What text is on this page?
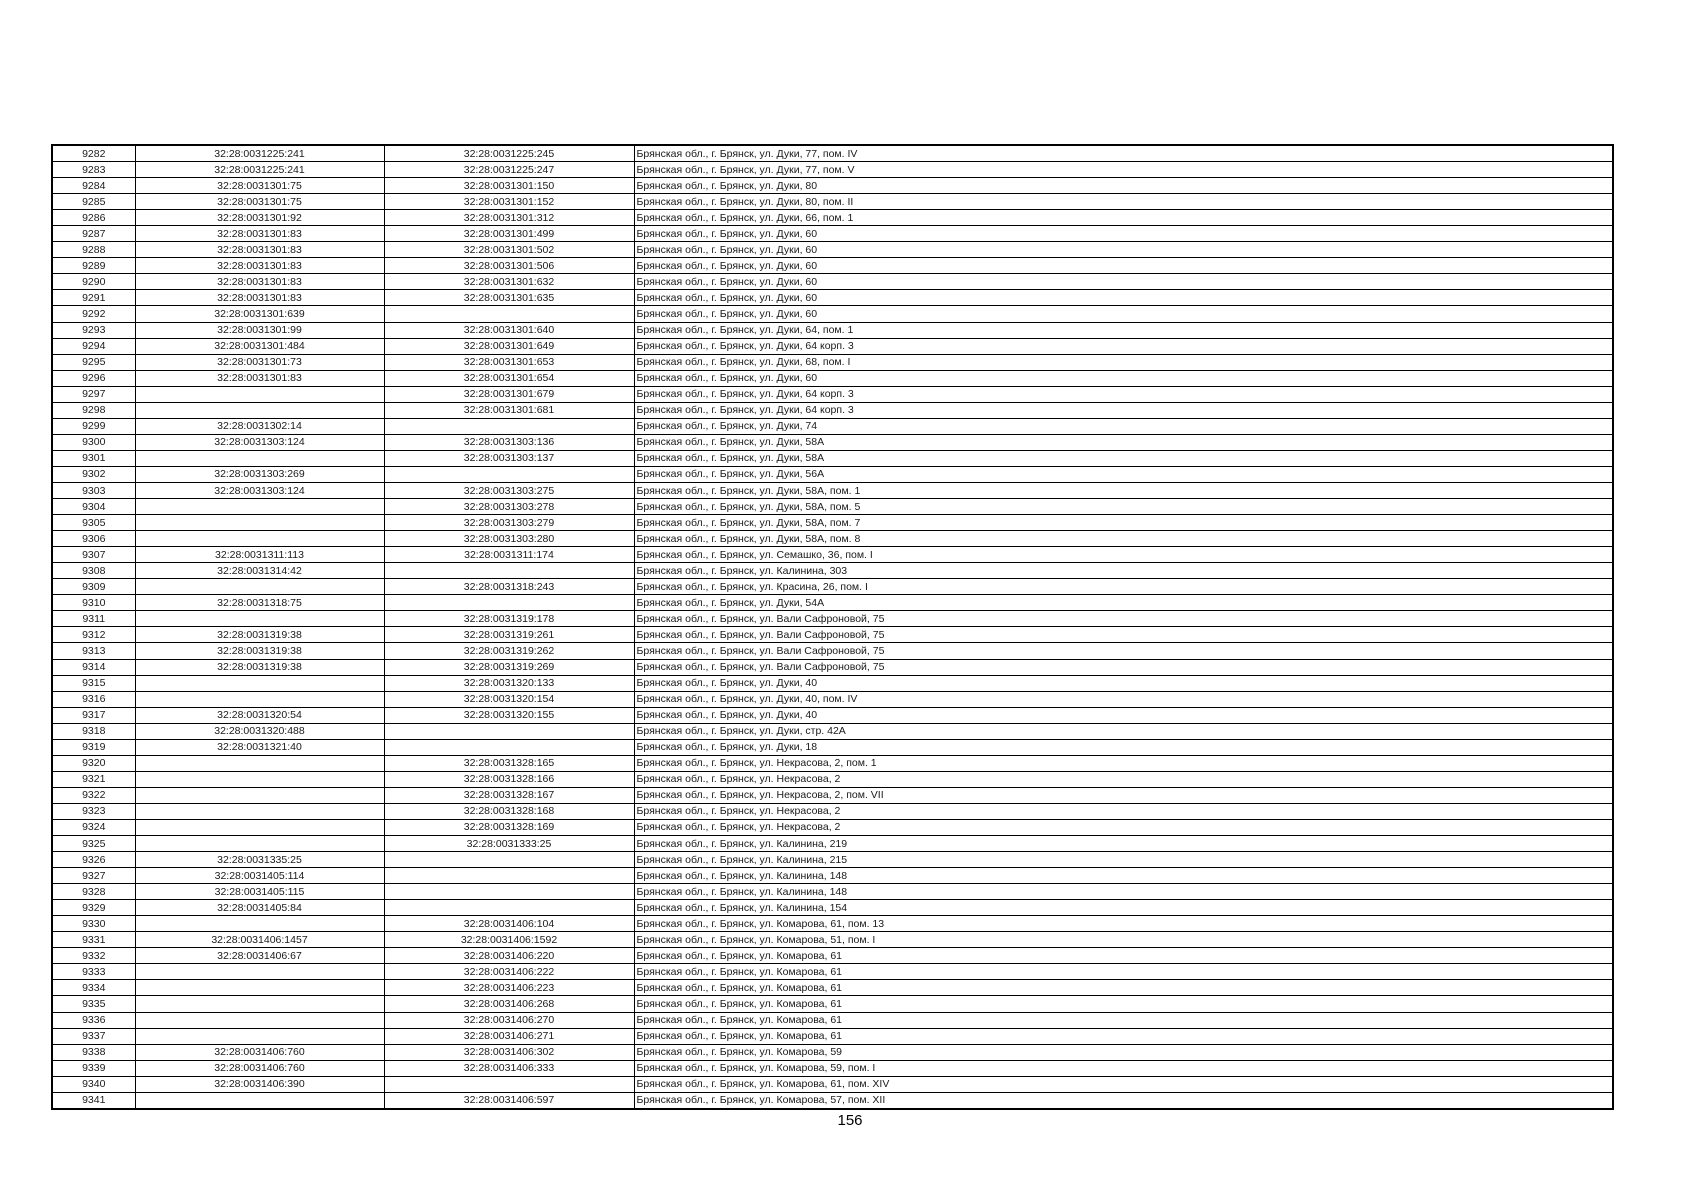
9282	32:28:0031225:241	32:28:0031225:245	Брянская обл., г. Брянск, ул. Дуки, 77, пом. IV
9283	32:28:0031225:241	32:28:0031225:247	Брянская обл., г. Брянск, ул. Дуки, 77, пом. V
9284	32:28:0031301:75	32:28:0031301:150	Брянская обл., г. Брянск, ул. Дуки, 80
9285	32:28:0031301:75	32:28:0031301:152	Брянская обл., г. Брянск, ул. Дуки, 80, пом. II
9286	32:28:0031301:92	32:28:0031301:312	Брянская обл., г. Брянск, ул. Дуки, 66, пом. 1
9287	32:28:0031301:83	32:28:0031301:499	Брянская обл., г. Брянск, ул. Дуки, 60
9288	32:28:0031301:83	32:28:0031301:502	Брянская обл., г. Брянск, ул. Дуки, 60
9289	32:28:0031301:83	32:28:0031301:506	Брянская обл., г. Брянск, ул. Дуки, 60
9290	32:28:0031301:83	32:28:0031301:632	Брянская обл., г. Брянск, ул. Дуки, 60
9291	32:28:0031301:83	32:28:0031301:635	Брянская обл., г. Брянск, ул. Дуки, 60
9292	32:28:0031301:639		Брянская обл., г. Брянск, ул. Дуки, 60
9293	32:28:0031301:99	32:28:0031301:640	Брянская обл., г. Брянск, ул. Дуки, 64, пом. 1
9294	32:28:0031301:484	32:28:0031301:649	Брянская обл., г. Брянск, ул. Дуки, 64 корп. 3
9295	32:28:0031301:73	32:28:0031301:653	Брянская обл., г. Брянск, ул. Дуки, 68, пом. I
9296	32:28:0031301:83	32:28:0031301:654	Брянская обл., г. Брянск, ул. Дуки, 60
9297		32:28:0031301:679	Брянская обл., г. Брянск, ул. Дуки, 64 корп. 3
9298		32:28:0031301:681	Брянская обл., г. Брянск, ул. Дуки, 64 корп. 3
9299	32:28:0031302:14		Брянская обл., г. Брянск, ул. Дуки, 74
9300	32:28:0031303:124	32:28:0031303:136	Брянская обл., г. Брянск, ул. Дуки, 58А
9301		32:28:0031303:137	Брянская обл., г. Брянск, ул. Дуки, 58А
9302	32:28:0031303:269		Брянская обл., г. Брянск, ул. Дуки, 56А
9303	32:28:0031303:124	32:28:0031303:275	Брянская обл., г. Брянск, ул. Дуки, 58А, пом. 1
9304		32:28:0031303:278	Брянская обл., г. Брянск, ул. Дуки, 58А, пом. 5
9305		32:28:0031303:279	Брянская обл., г. Брянск, ул. Дуки, 58А, пом. 7
9306		32:28:0031303:280	Брянская обл., г. Брянск, ул. Дуки, 58А, пом. 8
9307	32:28:0031311:113	32:28:0031311:174	Брянская обл., г. Брянск, ул. Семашко, 36, пом. I
9308	32:28:0031314:42		Брянская обл., г. Брянск, ул. Калинина, 303
9309		32:28:0031318:243	Брянская обл., г. Брянск, ул. Красина, 26, пом. I
9310	32:28:0031318:75		Брянская обл., г. Брянск, ул. Дуки, 54А
9311		32:28:0031319:178	Брянская обл., г. Брянск, ул. Вали Сафроновой, 75
9312	32:28:0031319:38	32:28:0031319:261	Брянская обл., г. Брянск, ул. Вали Сафроновой, 75
9313	32:28:0031319:38	32:28:0031319:262	Брянская обл., г. Брянск, ул. Вали Сафроновой, 75
9314	32:28:0031319:38	32:28:0031319:269	Брянская обл., г. Брянск, ул. Вали Сафроновой, 75
9315		32:28:0031320:133	Брянская обл., г. Брянск, ул. Дуки, 40
9316		32:28:0031320:154	Брянская обл., г. Брянск, ул. Дуки, 40, пом. IV
9317	32:28:0031320:54	32:28:0031320:155	Брянская обл., г. Брянск, ул. Дуки, 40
9318	32:28:0031320:488		Брянская обл., г. Брянск, ул. Дуки, стр. 42А
9319	32:28:0031321:40		Брянская обл., г. Брянск, ул. Дуки, 18
9320		32:28:0031328:165	Брянская обл., г. Брянск, ул. Некрасова, 2, пом. 1
9321		32:28:0031328:166	Брянская обл., г. Брянск, ул. Некрасова, 2
9322		32:28:0031328:167	Брянская обл., г. Брянск, ул. Некрасова, 2, пом. VII
9323		32:28:0031328:168	Брянская обл., г. Брянск, ул. Некрасова, 2
9324		32:28:0031328:169	Брянская обл., г. Брянск, ул. Некрасова, 2
9325		32:28:0031333:25	Брянская обл., г. Брянск, ул. Калинина, 219
9326	32:28:0031335:25		Брянская обл., г. Брянск, ул. Калинина, 215
9327	32:28:0031405:114		Брянская обл., г. Брянск, ул. Калинина, 148
9328	32:28:0031405:115		Брянская обл., г. Брянск, ул. Калинина, 148
9329	32:28:0031405:84		Брянская обл., г. Брянск, ул. Калинина, 154
9330		32:28:0031406:104	Брянская обл., г. Брянск, ул. Комарова, 61, пом. 13
9331	32:28:0031406:1457	32:28:0031406:1592	Брянская обл., г. Брянск, ул. Комарова, 51, пом. I
9332	32:28:0031406:67	32:28:0031406:220	Брянская обл., г. Брянск, ул. Комарова, 61
9333		32:28:0031406:222	Брянская обл., г. Брянск, ул. Комарова, 61
9334		32:28:0031406:223	Брянская обл., г. Брянск, ул. Комарова, 61
9335		32:28:0031406:268	Брянская обл., г. Брянск, ул. Комарова, 61
9336		32:28:0031406:270	Брянская обл., г. Брянск, ул. Комарова, 61
9337		32:28:0031406:271	Брянская обл., г. Брянск, ул. Комарова, 61
9338	32:28:0031406:760	32:28:0031406:302	Брянская обл., г. Брянск, ул. Комарова, 59
9339	32:28:0031406:760	32:28:0031406:333	Брянская обл., г. Брянск, ул. Комарова, 59, пом. I
9340	32:28:0031406:390		Брянская обл., г. Брянск, ул. Комарова, 61, пом. XIV
9341		32:28:0031406:597	Брянская обл., г. Брянск, ул. Комарова, 57, пом. XII
156
